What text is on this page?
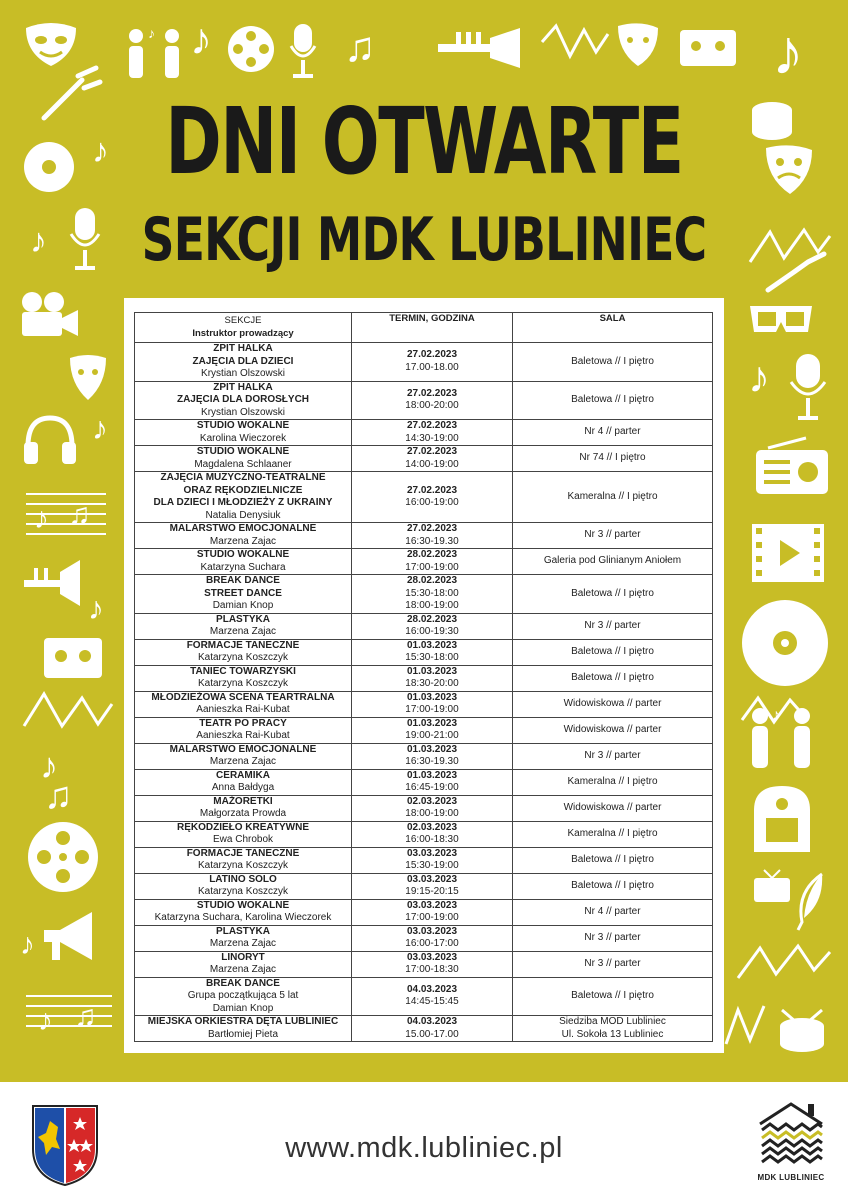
♪ ♪	♫	♪
♪
♪
♪
♪
♪ ♫
♪
♪
♪
♫
♪
♪ ♫
DNI OTWARTE
SEKCJI MDK LUBLINIEC
SEKCJE
Instruktor prowadzący	TERMIN, GODZINA	SALA

ZPIT HALKA
ZAJĘCIA DLA DZIECI
Krystian Olszowski	27.02.2023
17.00-18.00	Baletowa // I piętro

ZPIT HALKA
ZAJĘCIA DLA DOROSŁYCH
Krystian Olszowski	27.02.2023
18:00-20:00	Baletowa // I piętro

STUDIO WOKALNE
Karolina Wieczorek	27.02.2023
14:30-19:00	Nr 4 // parter

STUDIO WOKALNE
Magdalena Schlaaner	27.02.2023
14:00-19:00	Nr 74 // I piętro

ZAJĘCIA MUZYCZNO-TEATRALNE
ORAZ RĘKODZIELNICZE
DLA DZIECI I MŁODZIEŻY Z UKRAINY
Natalia Denysiuk	27.02.2023
16:00-19:00	Kameralna // I piętro

MALARSTWO EMOCJONALNE
Marzena Zajac	27.02.2023
16:30-19.30	Nr 3 // parter

STUDIO WOKALNE
Katarzyna Suchara	28.02.2023
17:00-19:00	Galeria pod Glinianym Aniołem

BREAK DANCE
STREET DANCE
Damian Knop	28.02.2023
15:30-18:00
18:00-19:00	Baletowa // I piętro

PLASTYKA
Marzena Zajac	28.02.2023
16:00-19:30	Nr 3 // parter

FORMACJE TANECZNE
Katarzyna Koszczyk	01.03.2023
15:30-18:00	Baletowa // I piętro

TANIEC TOWARZYSKI
Katarzyna Koszczyk	01.03.2023
18:30-20:00	Baletowa // I piętro

MŁODZIEŻOWA SCENA TEARTRALNA
Aanieszka Rai-Kubat	01.03.2023
17:00-19:00	Widowiskowa // parter

TEATR PO PRACY
Aanieszka Rai-Kubat	01.03.2023
19:00-21:00	Widowiskowa // parter

MALARSTWO EMOCJONALNE
Marzena Zajac	01.03.2023
16:30-19.30	Nr 3 // parter

CERAMIKA
Anna Bałdyga	01.03.2023
16:45-19:00	Kameralna // I piętro

MAŻORETKI
Małgorzata Prowda	02.03.2023
18:00-19:00	Widowiskowa // parter

RĘKODZIEŁO KREATYWNE
Ewa Chrobok	02.03.2023
16:00-18:30	Kameralna // I piętro

FORMACJE TANECZNE
Katarzyna Koszczyk	03.03.2023
15:30-19:00	Baletowa // I piętro

LATINO SOLO
Katarzyna Koszczyk	03.03.2023
19:15-20:15	Baletowa // I piętro

STUDIO WOKALNE
Katarzyna Suchara, Karolina Wieczorek	03.03.2023
17:00-19:00	Nr 4 // parter

PLASTYKA
Marzena Zajac	03.03.2023
16:00-17:00	Nr 3 // parter

LINORYT
Marzena Zajac	03.03.2023
17:00-18:30	Nr 3 // parter

BREAK DANCE
Grupa początkująca 5 lat
Damian Knop	04.03.2023
14:45-15:45	Baletowa // I piętro

MIEJSKA ORKIESTRA DĘTA LUBLINIEC
Bartłomiej Pieta	04.03.2023
15.00-17.00	Siedziba MOD Lubliniec
Ul. Sokoła 13 Lubliniec
www.mdk.lubliniec.pl
MDK LUBLINIEC
